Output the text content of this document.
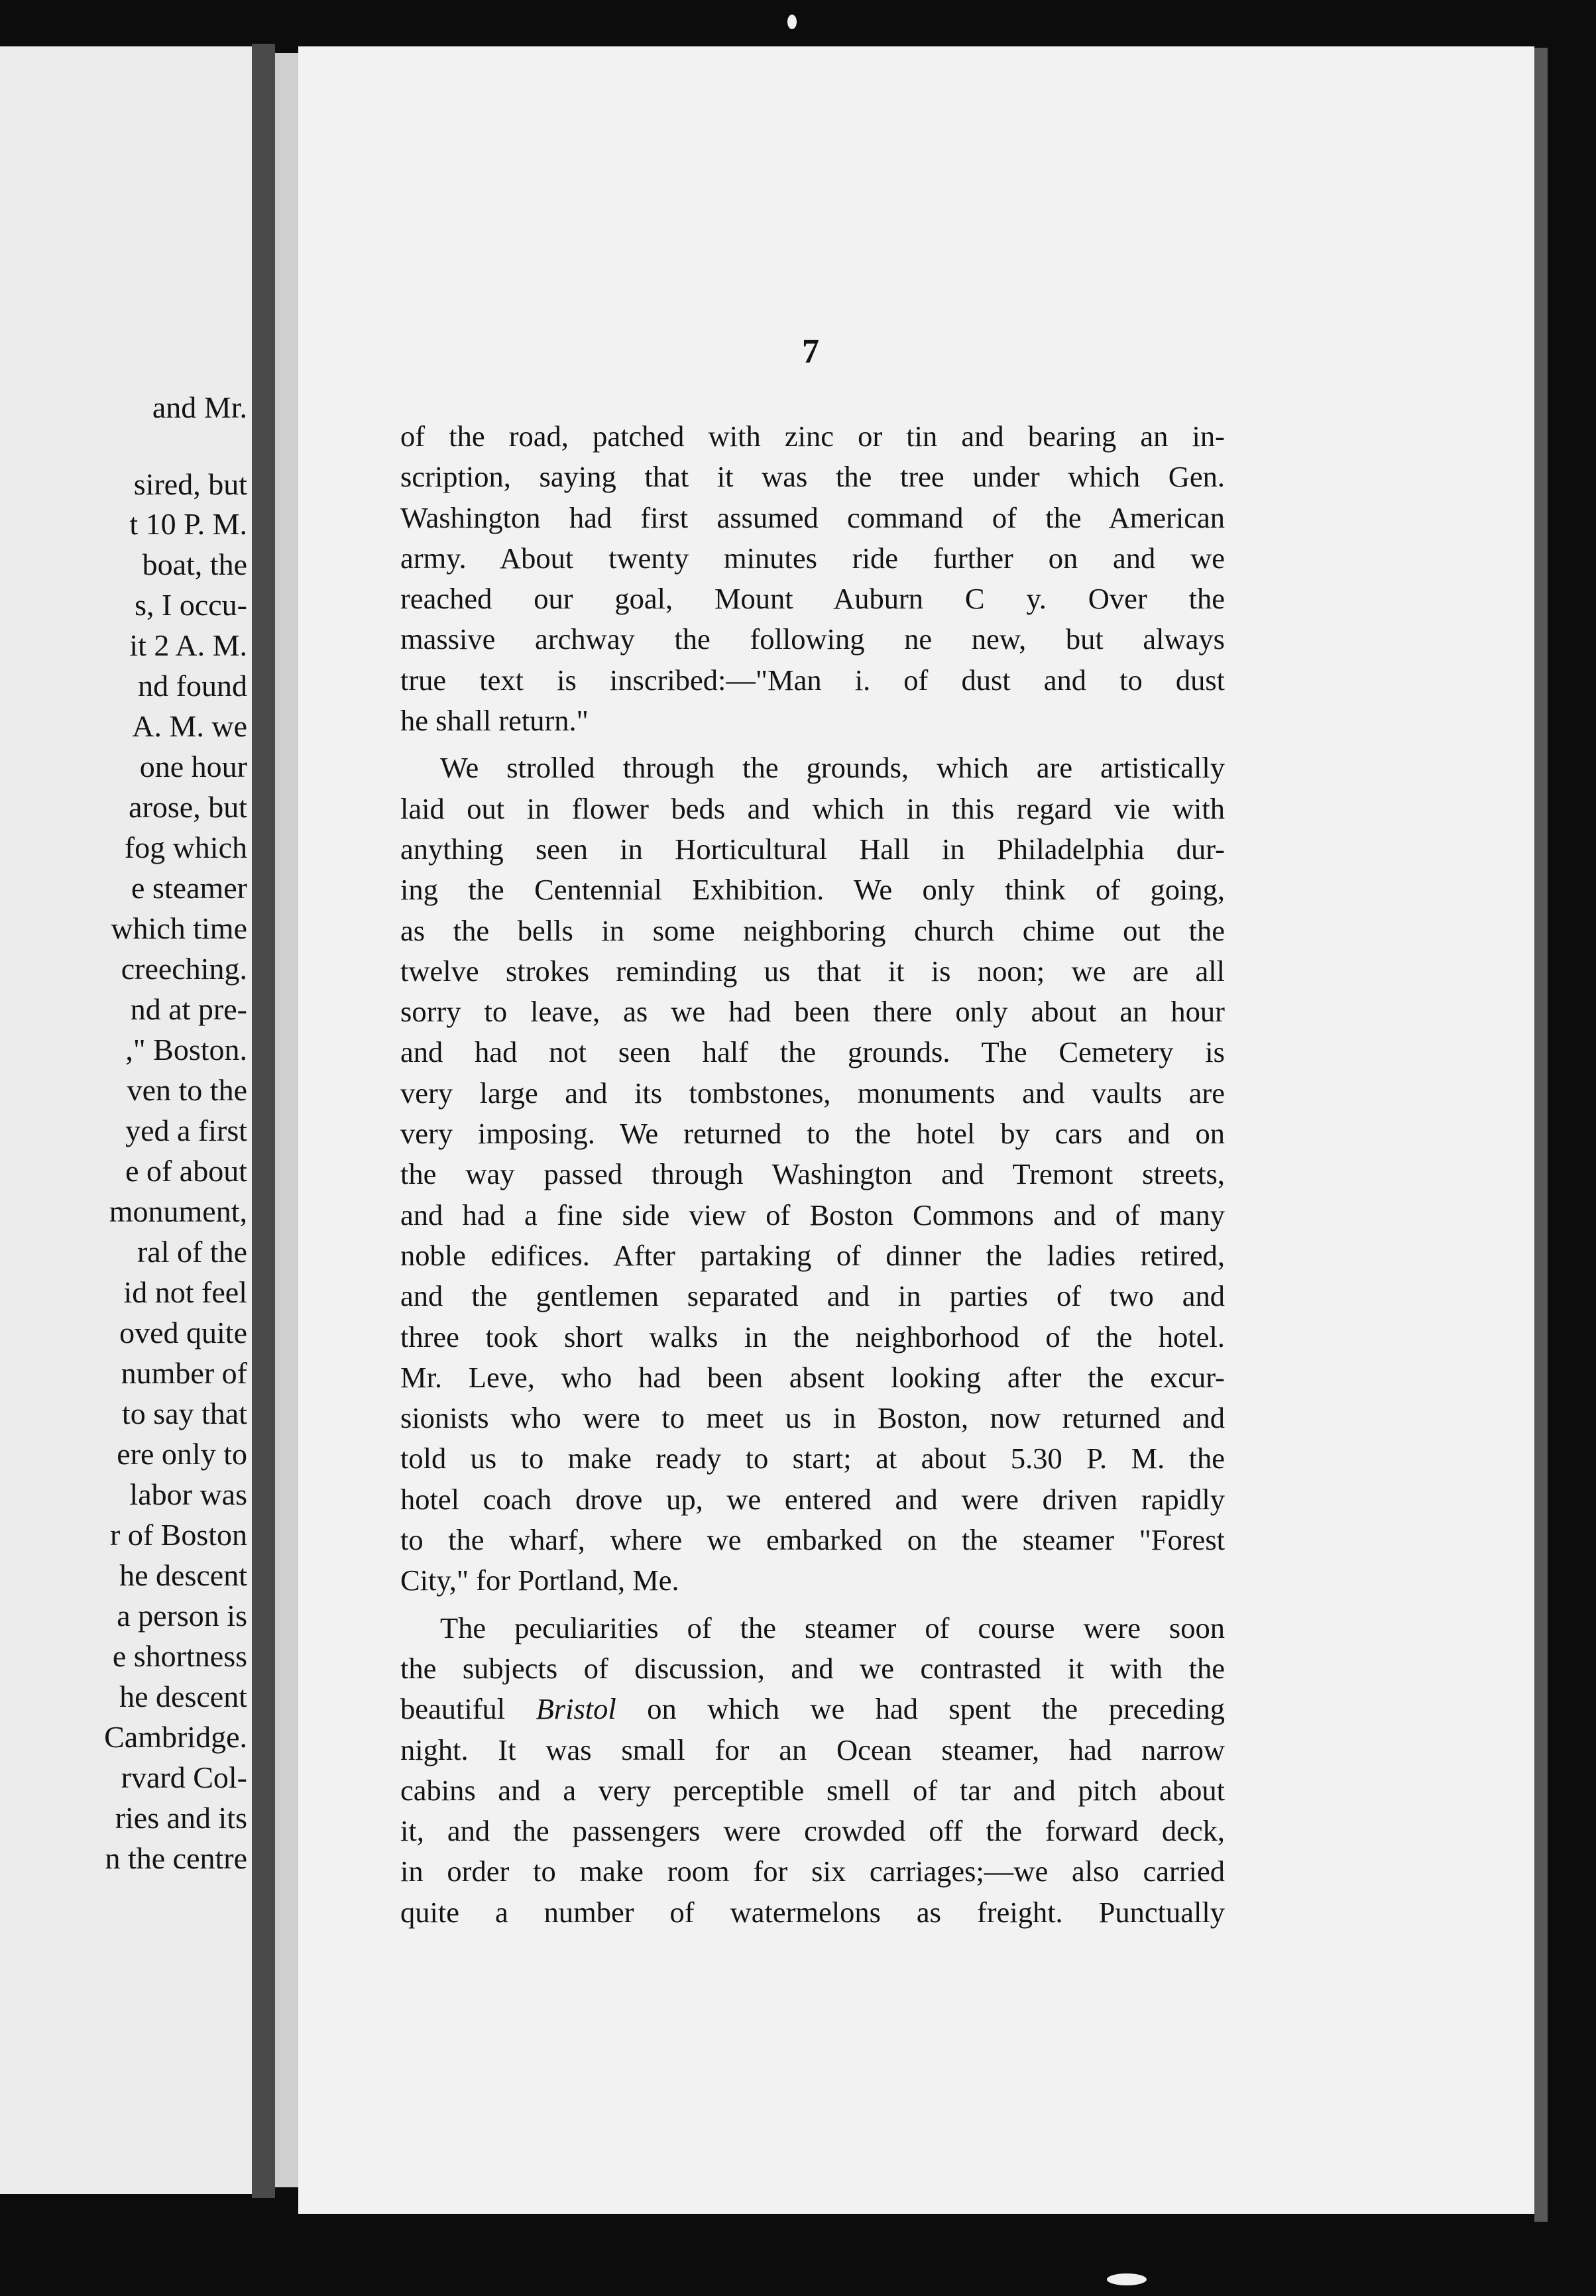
and Mr.
sired, but
t 10 P. M.
boat, the
s, I occu-
it 2 A. M.
nd found
A. M. we
one hour
arose, but
fog which
e steamer
which time
creeching.
nd at pre-
," Boston.
ven to the
yed a first
e of about
monument,
ral of the
id not feel
oved quite
number of
to say that
ere only to
labor was
r of Boston
he descent
a person is
e shortness
he descent
Cambridge.
rvard Col-
ries and its
n the centre
7
of the road, patched with zinc or tin and bearing an in-
scription, saying that it was the tree under which Gen.
Washington had first assumed command of the American
army. About twenty minutes ride further on and we
reached our goal, Mount Auburn C y. Over the
massive archway the following ne new, but always
true text is inscribed:—"Man i. of dust and to dust
he shall return."
We strolled through the grounds, which are artistically
laid out in flower beds and which in this regard vie with
anything seen in Horticultural Hall in Philadelphia dur-
ing the Centennial Exhibition. We only think of going,
as the bells in some neighboring church chime out the
twelve strokes reminding us that it is noon; we are all
sorry to leave, as we had been there only about an hour
and had not seen half the grounds. The Cemetery is
very large and its tombstones, monuments and vaults are
very imposing. We returned to the hotel by cars and on
the way passed through Washington and Tremont streets,
and had a fine side view of Boston Commons and of many
noble edifices. After partaking of dinner the ladies retired,
and the gentlemen separated and in parties of two and
three took short walks in the neighborhood of the hotel.
Mr. Leve, who had been absent looking after the excur-
sionists who were to meet us in Boston, now returned and
told us to make ready to start; at about 5.30 P. M. the
hotel coach drove up, we entered and were driven rapidly
to the wharf, where we embarked on the steamer "Forest
City," for Portland, Me.
The peculiarities of the steamer of course were soon
the subjects of discussion, and we contrasted it with the
beautiful Bristol on which we had spent the preceding
night. It was small for an Ocean steamer, had narrow
cabins and a very perceptible smell of tar and pitch about
it, and the passengers were crowded off the forward deck,
in order to make room for six carriages;—we also carried
quite a number of watermelons as freight. Punctually
